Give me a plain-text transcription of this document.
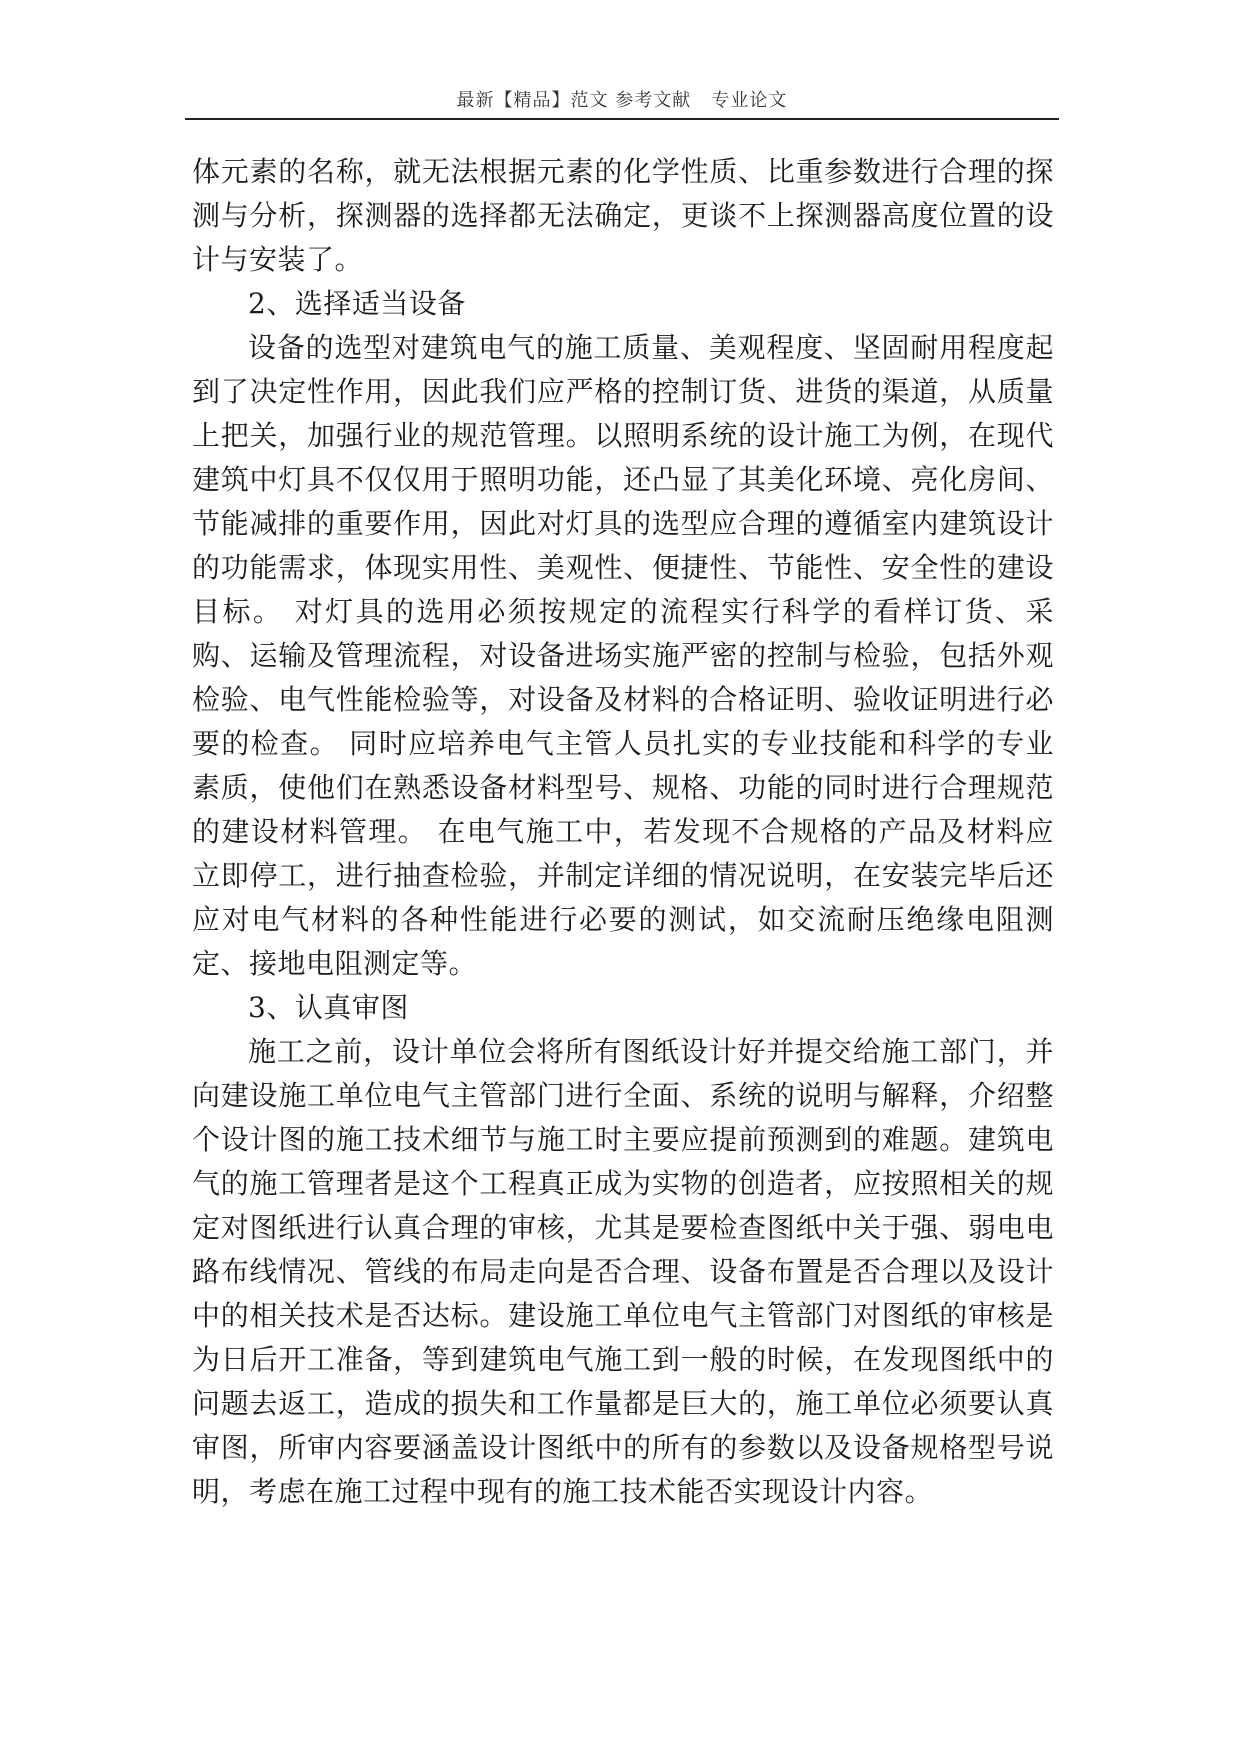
最新【精品】范文 参考文献   专业论文

体元素的名称，就无法根据元素的化学性质、比重参数进行合理的探测与分析，探测器的选择都无法确定，更谈不上探测器高度位置的设计与安装了。

2、选择适当设备

设备的选型对建筑电气的施工质量、美观程度、坚固耐用程度起到了决定性作用，因此我们应严格的控制订货、进货的渠道，从质量上把关，加强行业的规范管理。以照明系统的设计施工为例，在现代建筑中灯具不仅仅用于照明功能，还凸显了其美化环境、亮化房间、节能减排的重要作用，因此对灯具的选型应合理的遵循室内建筑设计的功能需求，体现实用性、美观性、便捷性、节能性、安全性的建设目标。 对灯具的选用必须按规定的流程实行科学的看样订货、采购、运输及管理流程，对设备进场实施严密的控制与检验，包括外观检验、电气性能检验等，对设备及材料的合格证明、验收证明进行必要的检查。 同时应培养电气主管人员扎实的专业技能和科学的专业素质，使他们在熟悉设备材料型号、规格、功能的同时进行合理规范的建设材料管理。 在电气施工中，若发现不合规格的产品及材料应立即停工，进行抽查检验，并制定详细的情况说明，在安装完毕后还应对电气材料的各种性能进行必要的测试，如交流耐压绝缘电阻测定、接地电阻测定等。

3、认真审图

施工之前，设计单位会将所有图纸设计好并提交给施工部门，并向建设施工单位电气主管部门进行全面、系统的说明与解释，介绍整个设计图的施工技术细节与施工时主要应提前预测到的难题。建筑电气的施工管理者是这个工程真正成为实物的创造者，应按照相关的规定对图纸进行认真合理的审核，尤其是要检查图纸中关于强、弱电电路布线情况、管线的布局走向是否合理、设备布置是否合理以及设计中的相关技术是否达标。建设施工单位电气主管部门对图纸的审核是为日后开工准备，等到建筑电气施工到一般的时候，在发现图纸中的问题去返工，造成的损失和工作量都是巨大的，施工单位必须要认真审图，所审内容要涵盖设计图纸中的所有的参数以及设备规格型号说明，考虑在施工过程中现有的施工技术能否实现设计内容。
